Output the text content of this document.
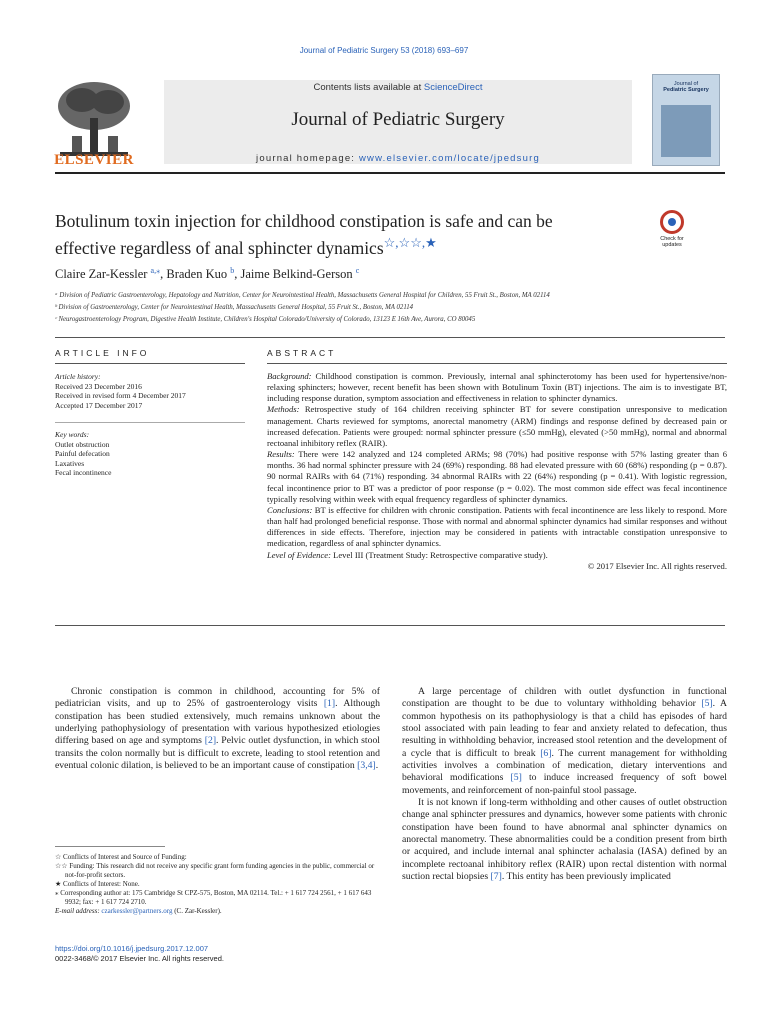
Journal of Pediatric Surgery 53 (2018) 693–697
ELSEVIER
Contents lists available at ScienceDirect
Journal of Pediatric Surgery
journal homepage: www.elsevier.com/locate/jpedsurg
Journal of
Pediatric Surgery
Botulinum toxin injection for childhood constipation is safe and can be
effective regardless of anal sphincter dynamics☆,☆☆,★	Check for
updates
Claire Zar-Kessler $^{a,⁎}$, Braden Kuo $^b$, Jaime Belkind-Gerson $^c$
ᵃ Division of Pediatric Gastroenterology, Hepatology and Nutrition, Center for Neurointestinal Health, Massachusetts General Hospital for Children, 55 Fruit St., Boston, MA 02114
ᵇ Division of Gastroenterology, Center for Neurointestinal Health, Massachusetts General Hospital, 55 Fruit St., Boston, MA 02114
ᶜ Neurogastroenterology Program, Digestive Health Institute, Children's Hospital Colorado/University of Colorado, 13123 E 16th Ave, Aurora, CO 80045
ARTICLE INFO
Article history:
Received 23 December 2016
Received in revised form 4 December 2017
Accepted 17 December 2017
Key words:
Outlet obstruction
Painful defecation
Laxatives
Fecal incontinence
ABSTRACT

Background: Childhood constipation is common. Previously, internal anal sphincterotomy has been used for hypertensive/non-relaxing sphincters; however, recent benefit has been shown with Botulinum Toxin (BT) injections. The aim is to investigate BT, including response duration, symptom association and effectiveness in relation to sphincter dynamics.

Methods: Retrospective study of 164 children receiving sphincter BT for severe constipation unresponsive to medication management. Charts reviewed for symptoms, anorectal manometry (ARM) findings and response defined by decreased pain or increased defecation. Patients were grouped: normal sphincter pressure (≤50 mmHg), elevated (>50 mmHg), normal and abnormal rectoanal inhibitory reflex (RAIR).

Results: There were 142 analyzed and 124 completed ARMs; 98 (70%) had positive response with 57% lasting greater than 6 months. 36 had normal sphincter pressure with 24 (69%) responding. 88 had elevated pressure with 60 (68%) responding (p = 0.87). 90 normal RAIRs with 64 (71%) responding. 34 abnormal RAIRs with 22 (64%) responding (p = 0.41). With logistic regression, fecal incontinence prior to BT was a predictor of poor response (p = 0.02). The most common side effect was fecal incontinence typically resolving within week with equal frequency regardless of sphincter dynamics.

Conclusions: BT is effective for children with chronic constipation. Patients with fecal incontinence are less likely to respond. More than half had prolonged beneficial response. Those with normal and abnormal sphincter dynamics had similar responses and without differences in side effects. Therefore, injection may be considered in patients with intractable constipation unresponsive to medication, regardless of anal sphincter dynamics.

Level of Evidence: Level III (Treatment Study: Retrospective comparative study).

© 2017 Elsevier Inc. All rights reserved.

Chronic constipation is common in childhood, accounting for 5% of pediatrician visits, and up to 25% of gastroenterology visits [1]. Although constipation has been studied extensively, much remains unknown about the underlying pathophysiology of presentation with various hypothesized etiologies differing based on age and symptoms [2]. Pelvic outlet dysfunction, in which stool transits the colon normally but is difficult to excrete, leading to stool retention and eventual colonic dilation, is believed to be an important cause of constipation [3,4].

A large percentage of children with outlet dysfunction in functional constipation are thought to be due to voluntary withholding behavior [5]. A common hypothesis on its pathophysiology is that a child has episodes of hard stool associated with pain leading to fear and anxiety related to defecation, thus resulting in withholding behavior, increased stool retention and the development of a cycle that is difficult to break [6]. The current management for withholding activities involves a combination of medication, dietary interventions and behavioral modifications [5] to induce increased frequency of soft bowel movements, and reinforcement of non-painful stool passage.

It is not known if long-term withholding and other causes of outlet obstruction change anal sphincter pressures and dynamics, however some patients with chronic constipation have been found to have abnormal anal sphincter dynamics on anorectal manometry. These abnormalities could be a condition present from birth or acquired, and include internal anal sphincter achalasia (IASA) defined by an incomplete rectoanal inhibitory reflex (RAIR) upon rectal distention with normal suction rectal biopsies [7]. This entity has been previously implicated

☆ Conflicts of Interest and Source of Funding:
☆☆ Funding: This research did not receive any specific grant form funding agencies in the public, commercial or not-for-profit sectors.
★ Conflicts of Interest: None.
⁎ Corresponding author at: 175 Cambridge St CPZ-575, Boston, MA 02114. Tel.: + 1 617 724 2561, + 1 617 643 9932; fax: + 1 617 724 2710.
E-mail address: czarkessler@partners.org (C. Zar-Kessler).
https://doi.org/10.1016/j.jpedsurg.2017.12.007
0022-3468/© 2017 Elsevier Inc. All rights reserved.
